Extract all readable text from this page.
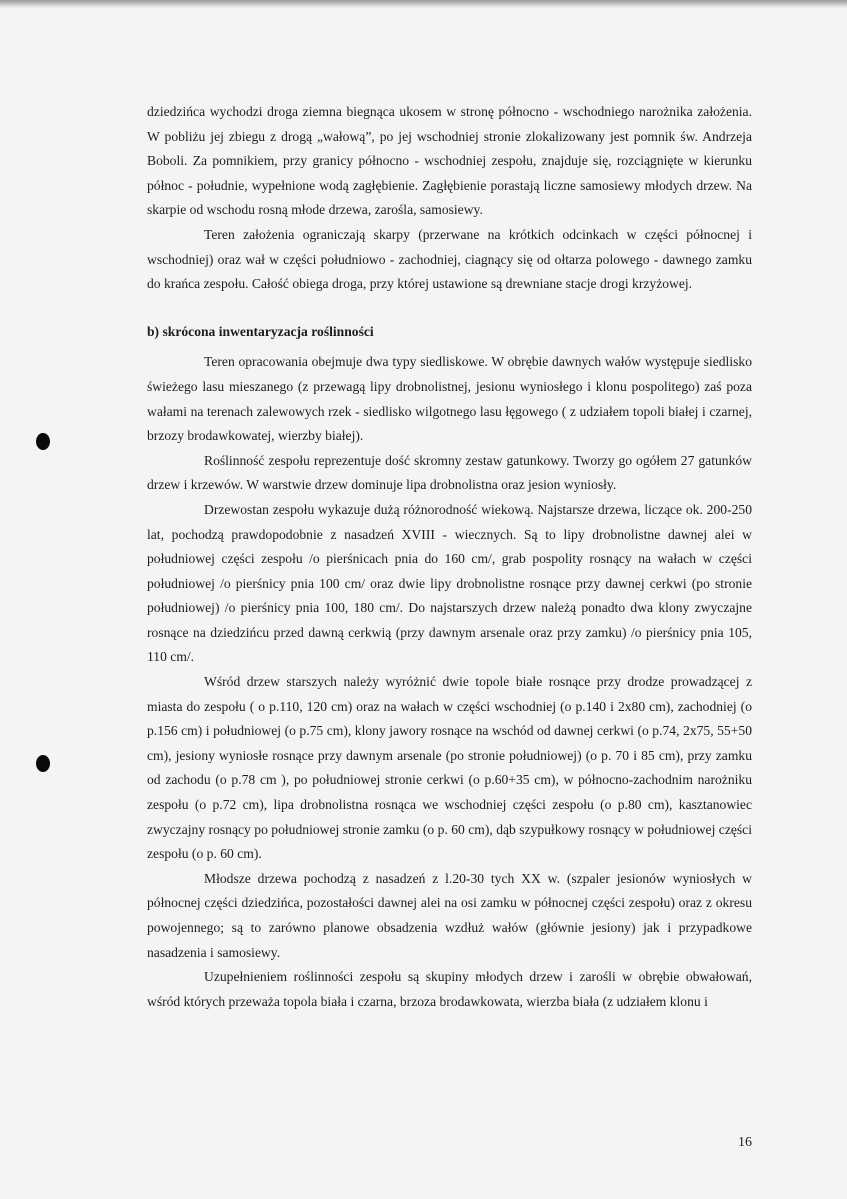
dziedzińca wychodzi droga ziemna biegnąca ukosem w stronę północno - wschodniego narożnika założenia. W pobliżu jej zbiegu z drogą „wałową”, po jej wschodniej stronie zlokalizowany jest pomnik św. Andrzeja Boboli. Za pomnikiem, przy granicy północno - wschodniej zespołu, znajduje się, rozciągnięte w kierunku północ - południe, wypełnione wodą zagłębienie. Zagłębienie porastają liczne samosiewy młodych drzew. Na skarpie od wschodu rosną młode drzewa, zarośla, samosiewy.

Teren założenia ograniczają skarpy (przerwane na krótkich odcinkach w części północnej i wschodniej) oraz wał w części południowo - zachodniej, ciagnący się od ołtarza polowego - dawnego zamku do krańca zespołu. Całość obiega droga, przy której ustawione są drewniane stacje drogi krzyżowej.

b) skrócona inwentaryzacja roślinności

Teren opracowania obejmuje dwa typy siedliskowe. W obrębie dawnych wałów występuje siedlisko świeżego lasu mieszanego (z przewagą lipy drobnolistnej, jesionu wyniosłego i klonu pospolitego) zaś poza wałami na terenach zalewowych rzek - siedlisko wilgotnego lasu łęgowego ( z udziałem topoli białej i czarnej, brzozy brodawkowatej, wierzby białej).

Roślinność zespołu reprezentuje dość skromny zestaw gatunkowy. Tworzy go ogółem 27 gatunków drzew i krzewów. W warstwie drzew dominuje lipa drobnolistna oraz jesion wyniosły.

Drzewostan zespołu wykazuje dużą różnorodność wiekową. Najstarsze drzewa, liczące ok. 200-250 lat, pochodzą prawdopodobnie z nasadzeń XVIII - wiecznych. Są to lipy drobnolistne dawnej alei w południowej części zespołu /o pierśnicach pnia do 160 cm/, grab pospolity rosnący na wałach w części południowej /o pierśnicy pnia 100 cm/ oraz dwie lipy drobnolistne rosnące przy dawnej cerkwi (po stronie południowej) /o pierśnicy pnia 100, 180 cm/. Do najstarszych drzew należą ponadto dwa klony zwyczajne rosnące na dziedzińcu przed dawną cerkwią (przy dawnym arsenale oraz przy zamku) /o pierśnicy pnia 105, 110 cm/.

Wśród drzew starszych należy wyróżnić dwie topole białe rosnące przy drodze prowadzącej z miasta do zespołu ( o p.110, 120 cm) oraz na wałach w części wschodniej (o p.140 i 2x80 cm), zachodniej (o p.156 cm) i południowej (o p.75 cm), klony jawory rosnące na wschód od dawnej cerkwi (o p.74, 2x75, 55+50 cm), jesiony wyniosłe rosnące przy dawnym arsenale (po stronie południowej) (o p. 70 i 85 cm), przy zamku od zachodu (o p.78 cm ), po południowej stronie cerkwi (o p.60+35 cm), w północno-zachodnim narożniku zespołu (o p.72 cm), lipa drobnolistna rosnąca we wschodniej części zespołu (o p.80 cm), kasztanowiec zwyczajny rosnący po południowej stronie zamku (o p. 60 cm), dąb szypułkowy rosnący w południowej części zespołu (o p. 60 cm).

Młodsze drzewa pochodzą z nasadzeń z l.20-30 tych XX w. (szpaler jesionów wyniosłych w północnej części dziedzińca, pozostałości dawnej alei na osi zamku w północnej części zespołu) oraz z okresu powojennego; są to zarówno planowe obsadzenia wzdłuż wałów (głównie jesiony) jak i przypadkowe nasadzenia i samosiewy.

Uzupełnieniem roślinności zespołu są skupiny młodych drzew i zarośli w obrębie obwałowań, wśród których przeważa topola biała i czarna, brzoza brodawkowata, wierzba biała (z udziałem klonu i

16
